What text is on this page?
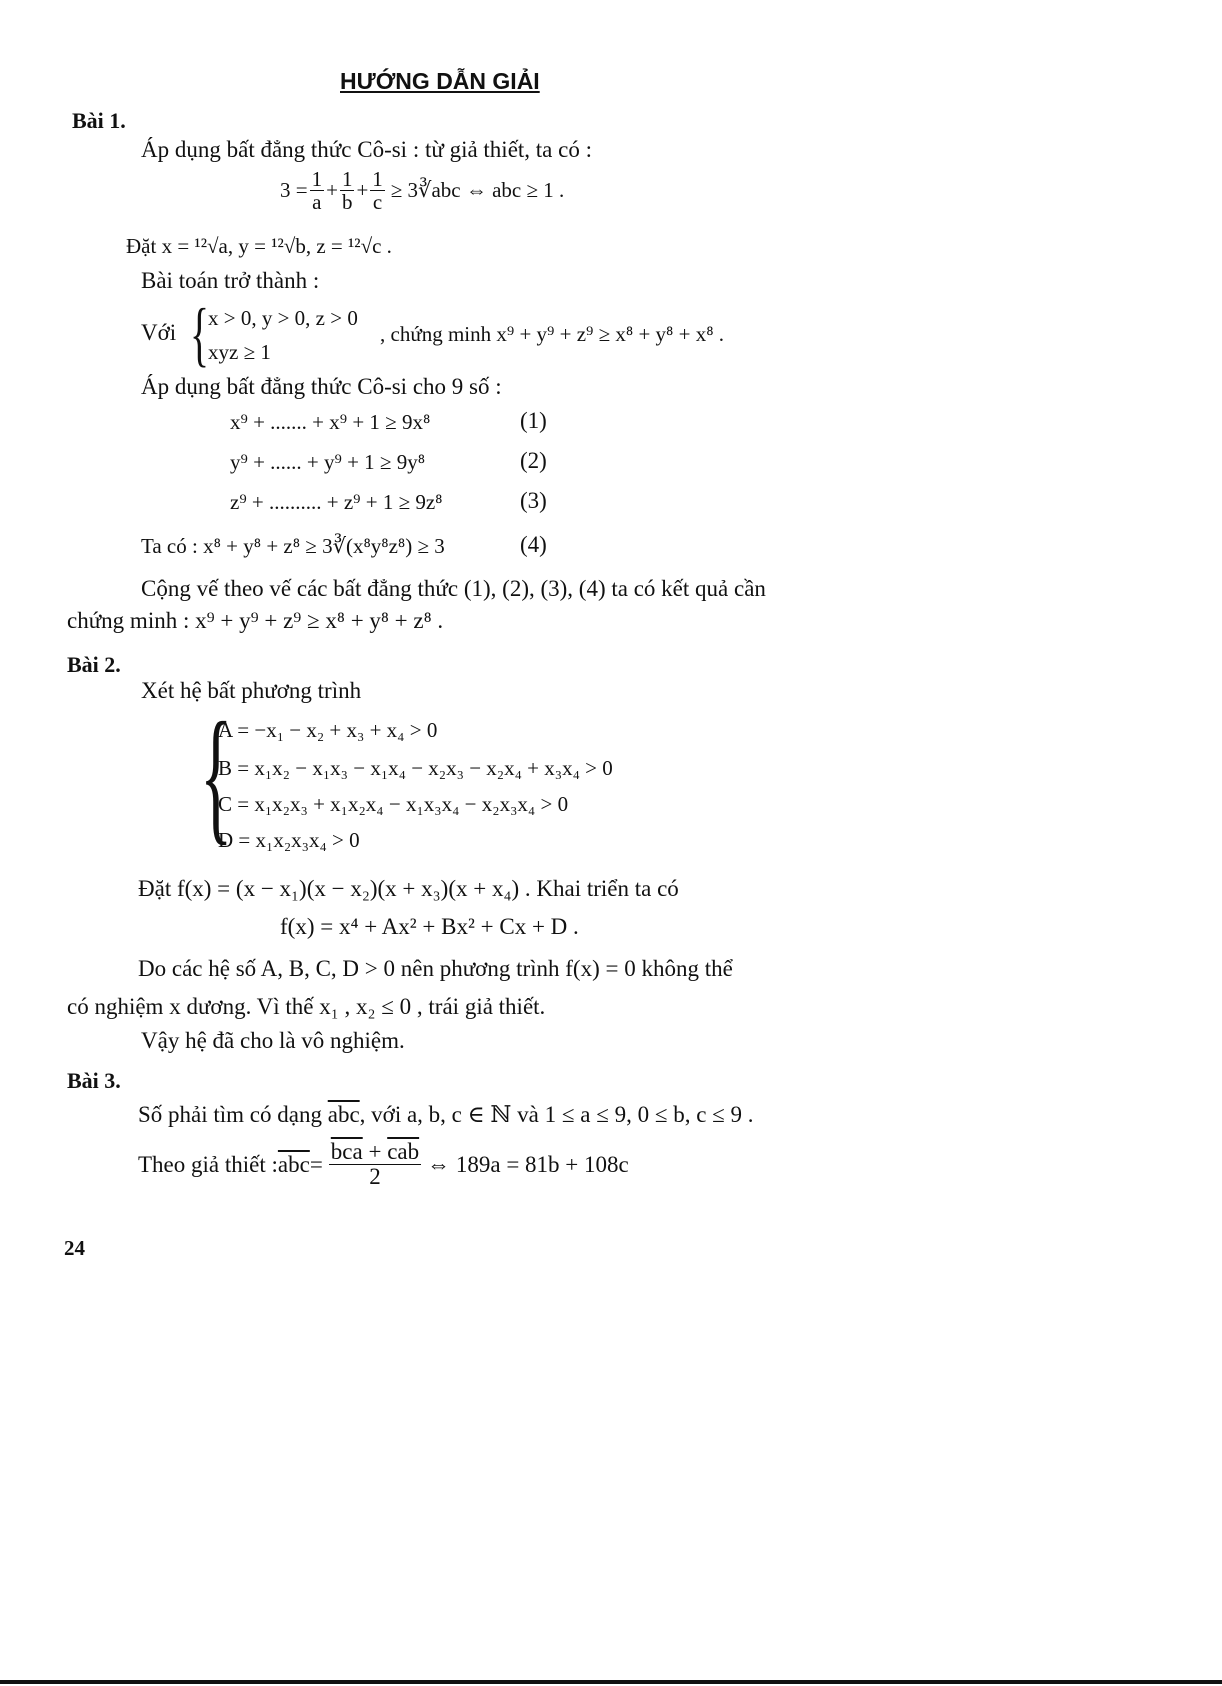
HƯỚNG DẪN GIẢI
Bài 1.
Áp dụng bất đẳng thức Cô-si : từ giả thiết, ta có :
$3 = \frac{1}{a} + \frac{1}{b} + \frac{1}{c}$ ≥ 3∛abc ⇔ abc ≥ 1 .
Đặt x = ¹²√a, y = ¹²√b, z = ¹²√c .
Bài toán trở thành :
Với {
x > 0, y > 0, z > 0
xyz ≥ 1
, chứng minh x⁹ + y⁹ + z⁹ ≥ x⁸ + y⁸ + x⁸ .
Áp dụng bất đẳng thức Cô-si cho 9 số :
x⁹ + ....... + x⁹ + 1 ≥ 9x⁸	(1)
y⁹ + ...... + y⁹ + 1 ≥ 9y⁸	(2)
z⁹ + .......... + z⁹ + 1 ≥ 9z⁸	(3)
Ta có : x⁸ + y⁸ + z⁸ ≥ 3∛(x⁸y⁸z⁸) ≥ 3	(4)
Cộng vế theo vế các bất đẳng thức (1), (2), (3), (4) ta có kết quả cần
chứng minh : x⁹ + y⁹ + z⁹ ≥ x⁸ + y⁸ + z⁸ .
Bài 2.
Xét hệ bất phương trình
{
A = −x₁ − x₂ + x₃ + x₄ > 0
B = x₁x₂ − x₁x₃ − x₁x₄ − x₂x₃ − x₂x₄ + x₃x₄ > 0
C = x₁x₂x₃ + x₁x₂x₄ − x₁x₃x₄ − x₂x₃x₄ > 0
D = x₁x₂x₃x₄ > 0
Đặt f(x) = (x − x₁)(x − x₂)(x + x₃)(x + x₄) . Khai triển ta có
f(x) = x⁴ + Ax² + Bx² + Cx + D .
Do các hệ số A, B, C, D > 0 nên phương trình f(x) = 0 không thể
có nghiệm x dương. Vì thế x₁ , x₂ ≤ 0 , trái giả thiết.
Vậy hệ đã cho là vô nghiệm.
Bài 3.
Số phải tìm có dạng $\overline{abc}$, với a, b, c ∈ ℕ và 1 ≤ a ≤ 9, 0 ≤ b, c ≤ 9 .
Theo giả thiết : $\overline{abc} = \frac{\overline{bca} + \overline{cab}}{2}$ ⇔ 189a = 81b + 108c
24
